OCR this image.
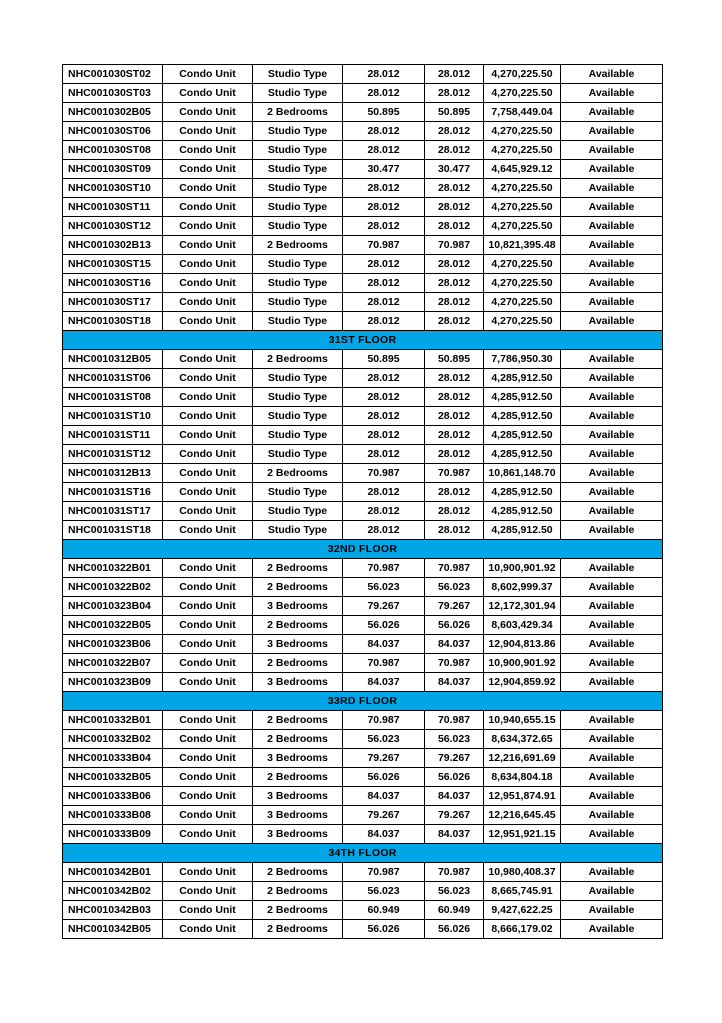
NHC001030ST02	Condo Unit	Studio Type	28.012	28.012	4,270,225.50	Available
NHC001030ST03	Condo Unit	Studio Type	28.012	28.012	4,270,225.50	Available
NHC0010302B05	Condo Unit	2 Bedrooms	50.895	50.895	7,758,449.04	Available
NHC001030ST06	Condo Unit	Studio Type	28.012	28.012	4,270,225.50	Available
NHC001030ST08	Condo Unit	Studio Type	28.012	28.012	4,270,225.50	Available
NHC001030ST09	Condo Unit	Studio Type	30.477	30.477	4,645,929.12	Available
NHC001030ST10	Condo Unit	Studio Type	28.012	28.012	4,270,225.50	Available
NHC001030ST11	Condo Unit	Studio Type	28.012	28.012	4,270,225.50	Available
NHC001030ST12	Condo Unit	Studio Type	28.012	28.012	4,270,225.50	Available
NHC0010302B13	Condo Unit	2 Bedrooms	70.987	70.987	10,821,395.48	Available
NHC001030ST15	Condo Unit	Studio Type	28.012	28.012	4,270,225.50	Available
NHC001030ST16	Condo Unit	Studio Type	28.012	28.012	4,270,225.50	Available
NHC001030ST17	Condo Unit	Studio Type	28.012	28.012	4,270,225.50	Available
NHC001030ST18	Condo Unit	Studio Type	28.012	28.012	4,270,225.50	Available
31ST FLOOR						
NHC0010312B05	Condo Unit	2 Bedrooms	50.895	50.895	7,786,950.30	Available
NHC001031ST06	Condo Unit	Studio Type	28.012	28.012	4,285,912.50	Available
NHC001031ST08	Condo Unit	Studio Type	28.012	28.012	4,285,912.50	Available
NHC001031ST10	Condo Unit	Studio Type	28.012	28.012	4,285,912.50	Available
NHC001031ST11	Condo Unit	Studio Type	28.012	28.012	4,285,912.50	Available
NHC001031ST12	Condo Unit	Studio Type	28.012	28.012	4,285,912.50	Available
NHC0010312B13	Condo Unit	2 Bedrooms	70.987	70.987	10,861,148.70	Available
NHC001031ST16	Condo Unit	Studio Type	28.012	28.012	4,285,912.50	Available
NHC001031ST17	Condo Unit	Studio Type	28.012	28.012	4,285,912.50	Available
NHC001031ST18	Condo Unit	Studio Type	28.012	28.012	4,285,912.50	Available
32ND FLOOR						
NHC0010322B01	Condo Unit	2 Bedrooms	70.987	70.987	10,900,901.92	Available
NHC0010322B02	Condo Unit	2 Bedrooms	56.023	56.023	8,602,999.37	Available
NHC0010323B04	Condo Unit	3 Bedrooms	79.267	79.267	12,172,301.94	Available
NHC0010322B05	Condo Unit	2 Bedrooms	56.026	56.026	8,603,429.34	Available
NHC0010323B06	Condo Unit	3 Bedrooms	84.037	84.037	12,904,813.86	Available
NHC0010322B07	Condo Unit	2 Bedrooms	70.987	70.987	10,900,901.92	Available
NHC0010323B09	Condo Unit	3 Bedrooms	84.037	84.037	12,904,859.92	Available
33RD FLOOR						
NHC0010332B01	Condo Unit	2 Bedrooms	70.987	70.987	10,940,655.15	Available
NHC0010332B02	Condo Unit	2 Bedrooms	56.023	56.023	8,634,372.65	Available
NHC0010333B04	Condo Unit	3 Bedrooms	79.267	79.267	12,216,691.69	Available
NHC0010332B05	Condo Unit	2 Bedrooms	56.026	56.026	8,634,804.18	Available
NHC0010333B06	Condo Unit	3 Bedrooms	84.037	84.037	12,951,874.91	Available
NHC0010333B08	Condo Unit	3 Bedrooms	79.267	79.267	12,216,645.45	Available
NHC0010333B09	Condo Unit	3 Bedrooms	84.037	84.037	12,951,921.15	Available
34TH FLOOR						
NHC0010342B01	Condo Unit	2 Bedrooms	70.987	70.987	10,980,408.37	Available
NHC0010342B02	Condo Unit	2 Bedrooms	56.023	56.023	8,665,745.91	Available
NHC0010342B03	Condo Unit	2 Bedrooms	60.949	60.949	9,427,622.25	Available
NHC0010342B05	Condo Unit	2 Bedrooms	56.026	56.026	8,666,179.02	Available
